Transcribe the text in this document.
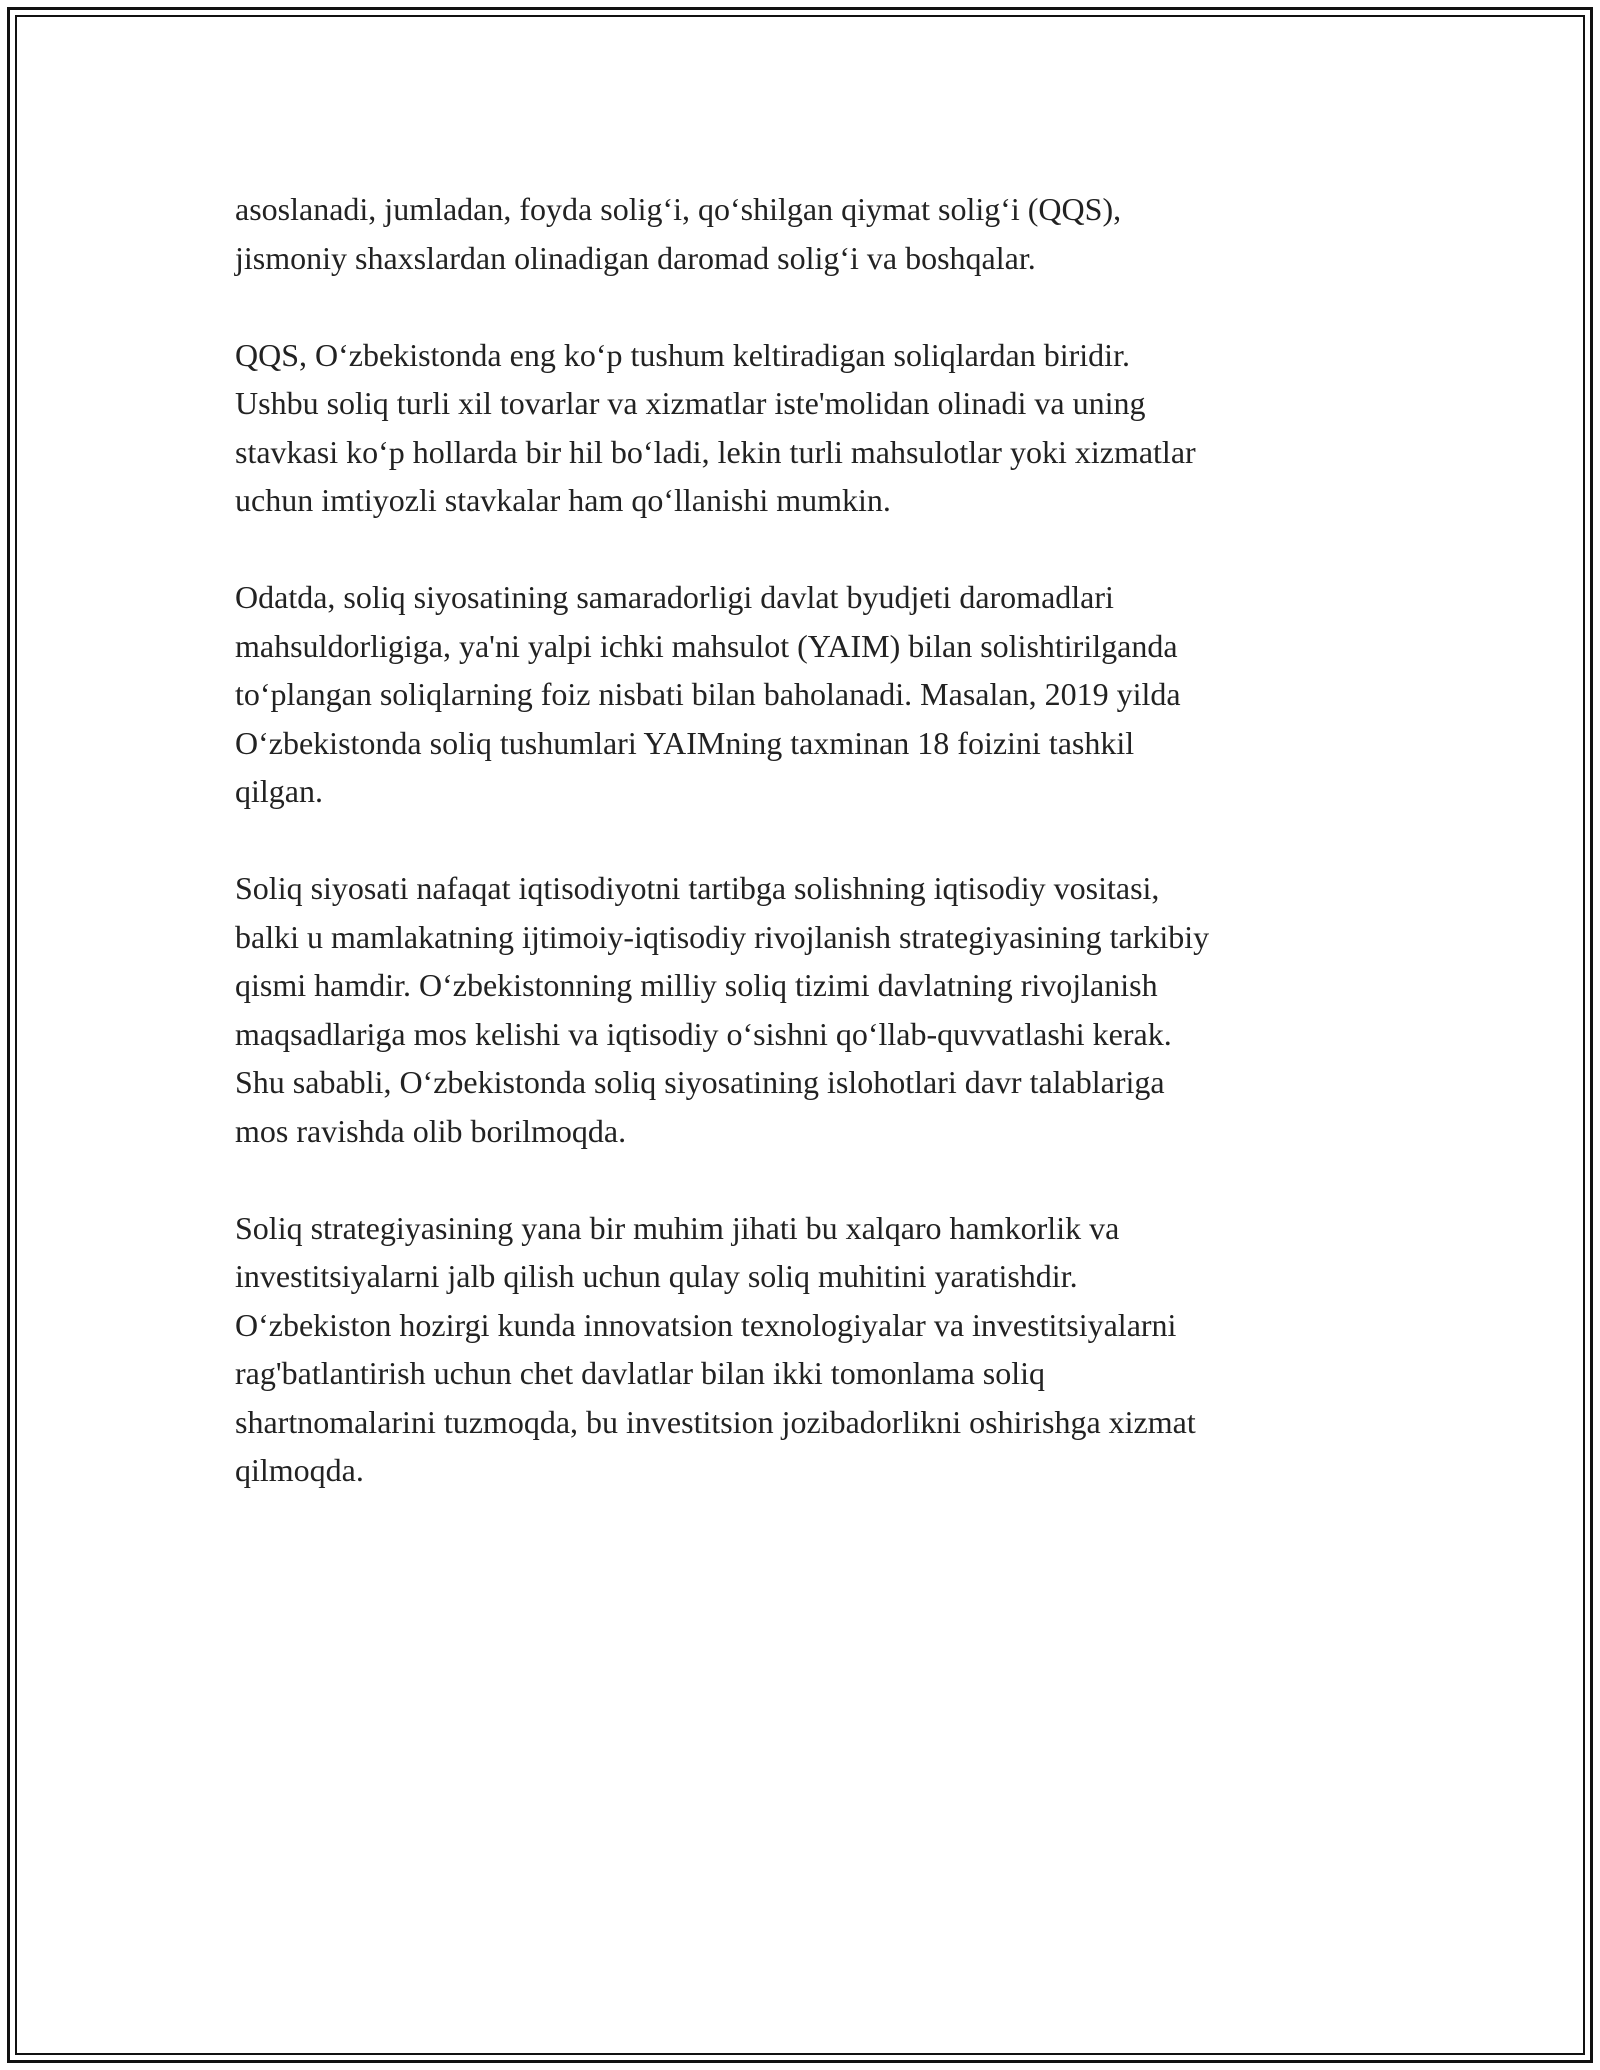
asoslanadi, jumladan, foyda solig‘i, qo‘shilgan qiymat solig‘i (QQS),
jismoniy shaxslardan olinadigan daromad solig‘i va boshqalar.

QQS, O‘zbekistonda eng ko‘p tushum keltiradigan soliqlardan biridir.
Ushbu soliq turli xil tovarlar va xizmatlar iste'molidan olinadi va uning
stavkasi ko‘p hollarda bir hil bo‘ladi, lekin turli mahsulotlar yoki xizmatlar
uchun imtiyozli stavkalar ham qo‘llanishi mumkin.

Odatda, soliq siyosatining samaradorligi davlat byudjeti daromadlari
mahsuldorligiga, ya'ni yalpi ichki mahsulot (YAIM) bilan solishtirilganda
to‘plangan soliqlarning foiz nisbati bilan baholanadi. Masalan, 2019 yilda
O‘zbekistonda soliq tushumlari YAIMning taxminan 18 foizini tashkil
qilgan.

Soliq siyosati nafaqat iqtisodiyotni tartibga solishning iqtisodiy vositasi,
balki u mamlakatning ijtimoiy-iqtisodiy rivojlanish strategiyasining tarkibiy
qismi hamdir. O‘zbekistonning milliy soliq tizimi davlatning rivojlanish
maqsadlariga mos kelishi va iqtisodiy o‘sishni qo‘llab-quvvatlashi kerak.
Shu sababli, O‘zbekistonda soliq siyosatining islohotlari davr talablariga
mos ravishda olib borilmoqda.

Soliq strategiyasining yana bir muhim jihati bu xalqaro hamkorlik va
investitsiyalarni jalb qilish uchun qulay soliq muhitini yaratishdir.
O‘zbekiston hozirgi kunda innovatsion texnologiyalar va investitsiyalarni
rag'batlantirish uchun chet davlatlar bilan ikki tomonlama soliq
shartnomalarini tuzmoqda, bu investitsion jozibadorlikni oshirishga xizmat
qilmoqda.
